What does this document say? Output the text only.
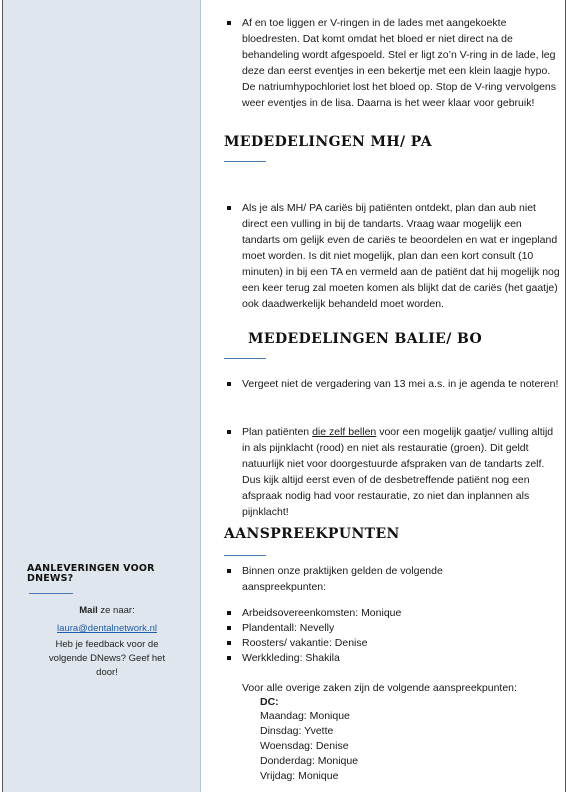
AANLEVERINGEN VOOR DNEWS?
Mail ze naar:
laura@dentalnetwork.nl
Heb je feedback voor de volgende DNews? Geef het door!
Af en toe liggen er V-ringen in de lades met aangekoekte bloedresten. Dat komt omdat het bloed er niet direct na de behandeling wordt afgespoeld. Stel er ligt zo’n V-ring in de lade, leg deze dan eerst eventjes in een bekertje met een klein laagje hypo. De natriumhypochloriet lost het bloed op. Stop de V-ring vervolgens weer eventjes in de lisa. Daarna is het weer klaar voor gebruik!
MEDEDELINGEN MH/ PA
Als je als MH/ PA cariës bij patiënten ontdekt, plan dan aub niet direct een vulling in bij de tandarts. Vraag waar mogelijk een tandarts om gelijk even de cariës te beoordelen en wat er ingepland moet worden. Is dit niet mogelijk, plan dan een kort consult (10 minuten) in bij een TA en vermeld aan de patiënt dat hij mogelijk nog een keer terug zal moeten komen als blijkt dat de cariës (het gaatje) ook daadwerkelijk behandeld moet worden.
MEDEDELINGEN BALIE/ BO
Vergeet niet de vergadering van 13 mei a.s. in je agenda te noteren!
Plan patiënten die zelf bellen voor een mogelijk gaatje/ vulling altijd in als pijnklacht (rood) en niet als restauratie (groen). Dit geldt natuurlijk niet voor doorgestuurde afspraken van de tandarts zelf. Dus kijk altijd eerst even of de desbetreffende patiënt nog een afspraak nodig had voor restauratie, zo niet dan inplannen als pijnklacht!
AANSPREEKPUNTEN
Binnen onze praktijken gelden de volgende aanspreekpunten:
Arbeidsovereenkomsten: Monique
Plandentall: Nevelly
Roosters/ vakantie: Denise
Werkkleding: Shakila
Voor alle overige zaken zijn de volgende aanspreekpunten:
DC:
Maandag: Monique
Dinsdag: Yvette
Woensdag: Denise
Donderdag: Monique
Vrijdag: Monique
